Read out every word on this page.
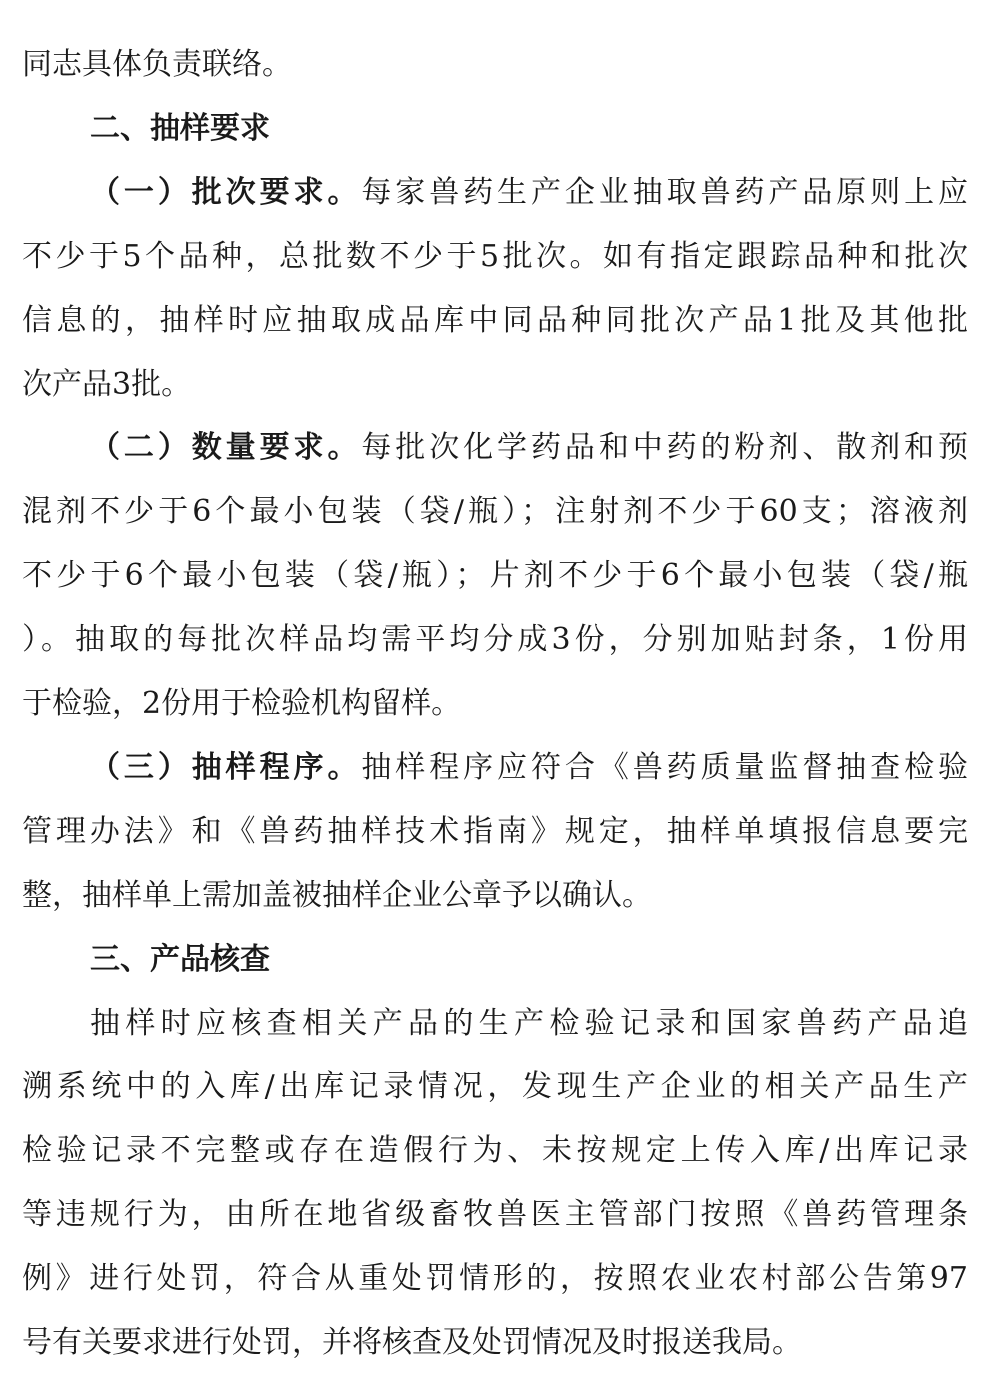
同志具体负责联络。
二、抽样要求
（一）批次要求。每家兽药生产企业抽取兽药产品原则上应
不少于5个品种，总批数不少于5批次。如有指定跟踪品种和批次
信息的，抽样时应抽取成品库中同品种同批次产品1批及其他批
次产品3批。
（二）数量要求。每批次化学药品和中药的粉剂、散剂和预
混剂不少于6个最小包装（袋/瓶）；注射剂不少于60支；溶液剂
不少于6个最小包装（袋/瓶）；片剂不少于6个最小包装（袋/瓶
）。抽取的每批次样品均需平均分成3份，分别加贴封条，1份用
于检验，2份用于检验机构留样。
（三）抽样程序。抽样程序应符合《兽药质量监督抽查检验
管理办法》和《兽药抽样技术指南》规定，抽样单填报信息要完
整，抽样单上需加盖被抽样企业公章予以确认。
三、产品核查
抽样时应核查相关产品的生产检验记录和国家兽药产品追
溯系统中的入库/出库记录情况，发现生产企业的相关产品生产
检验记录不完整或存在造假行为、未按规定上传入库/出库记录
等违规行为，由所在地省级畜牧兽医主管部门按照《兽药管理条
例》进行处罚，符合从重处罚情形的，按照农业农村部公告第97
号有关要求进行处罚，并将核查及处罚情况及时报送我局。
